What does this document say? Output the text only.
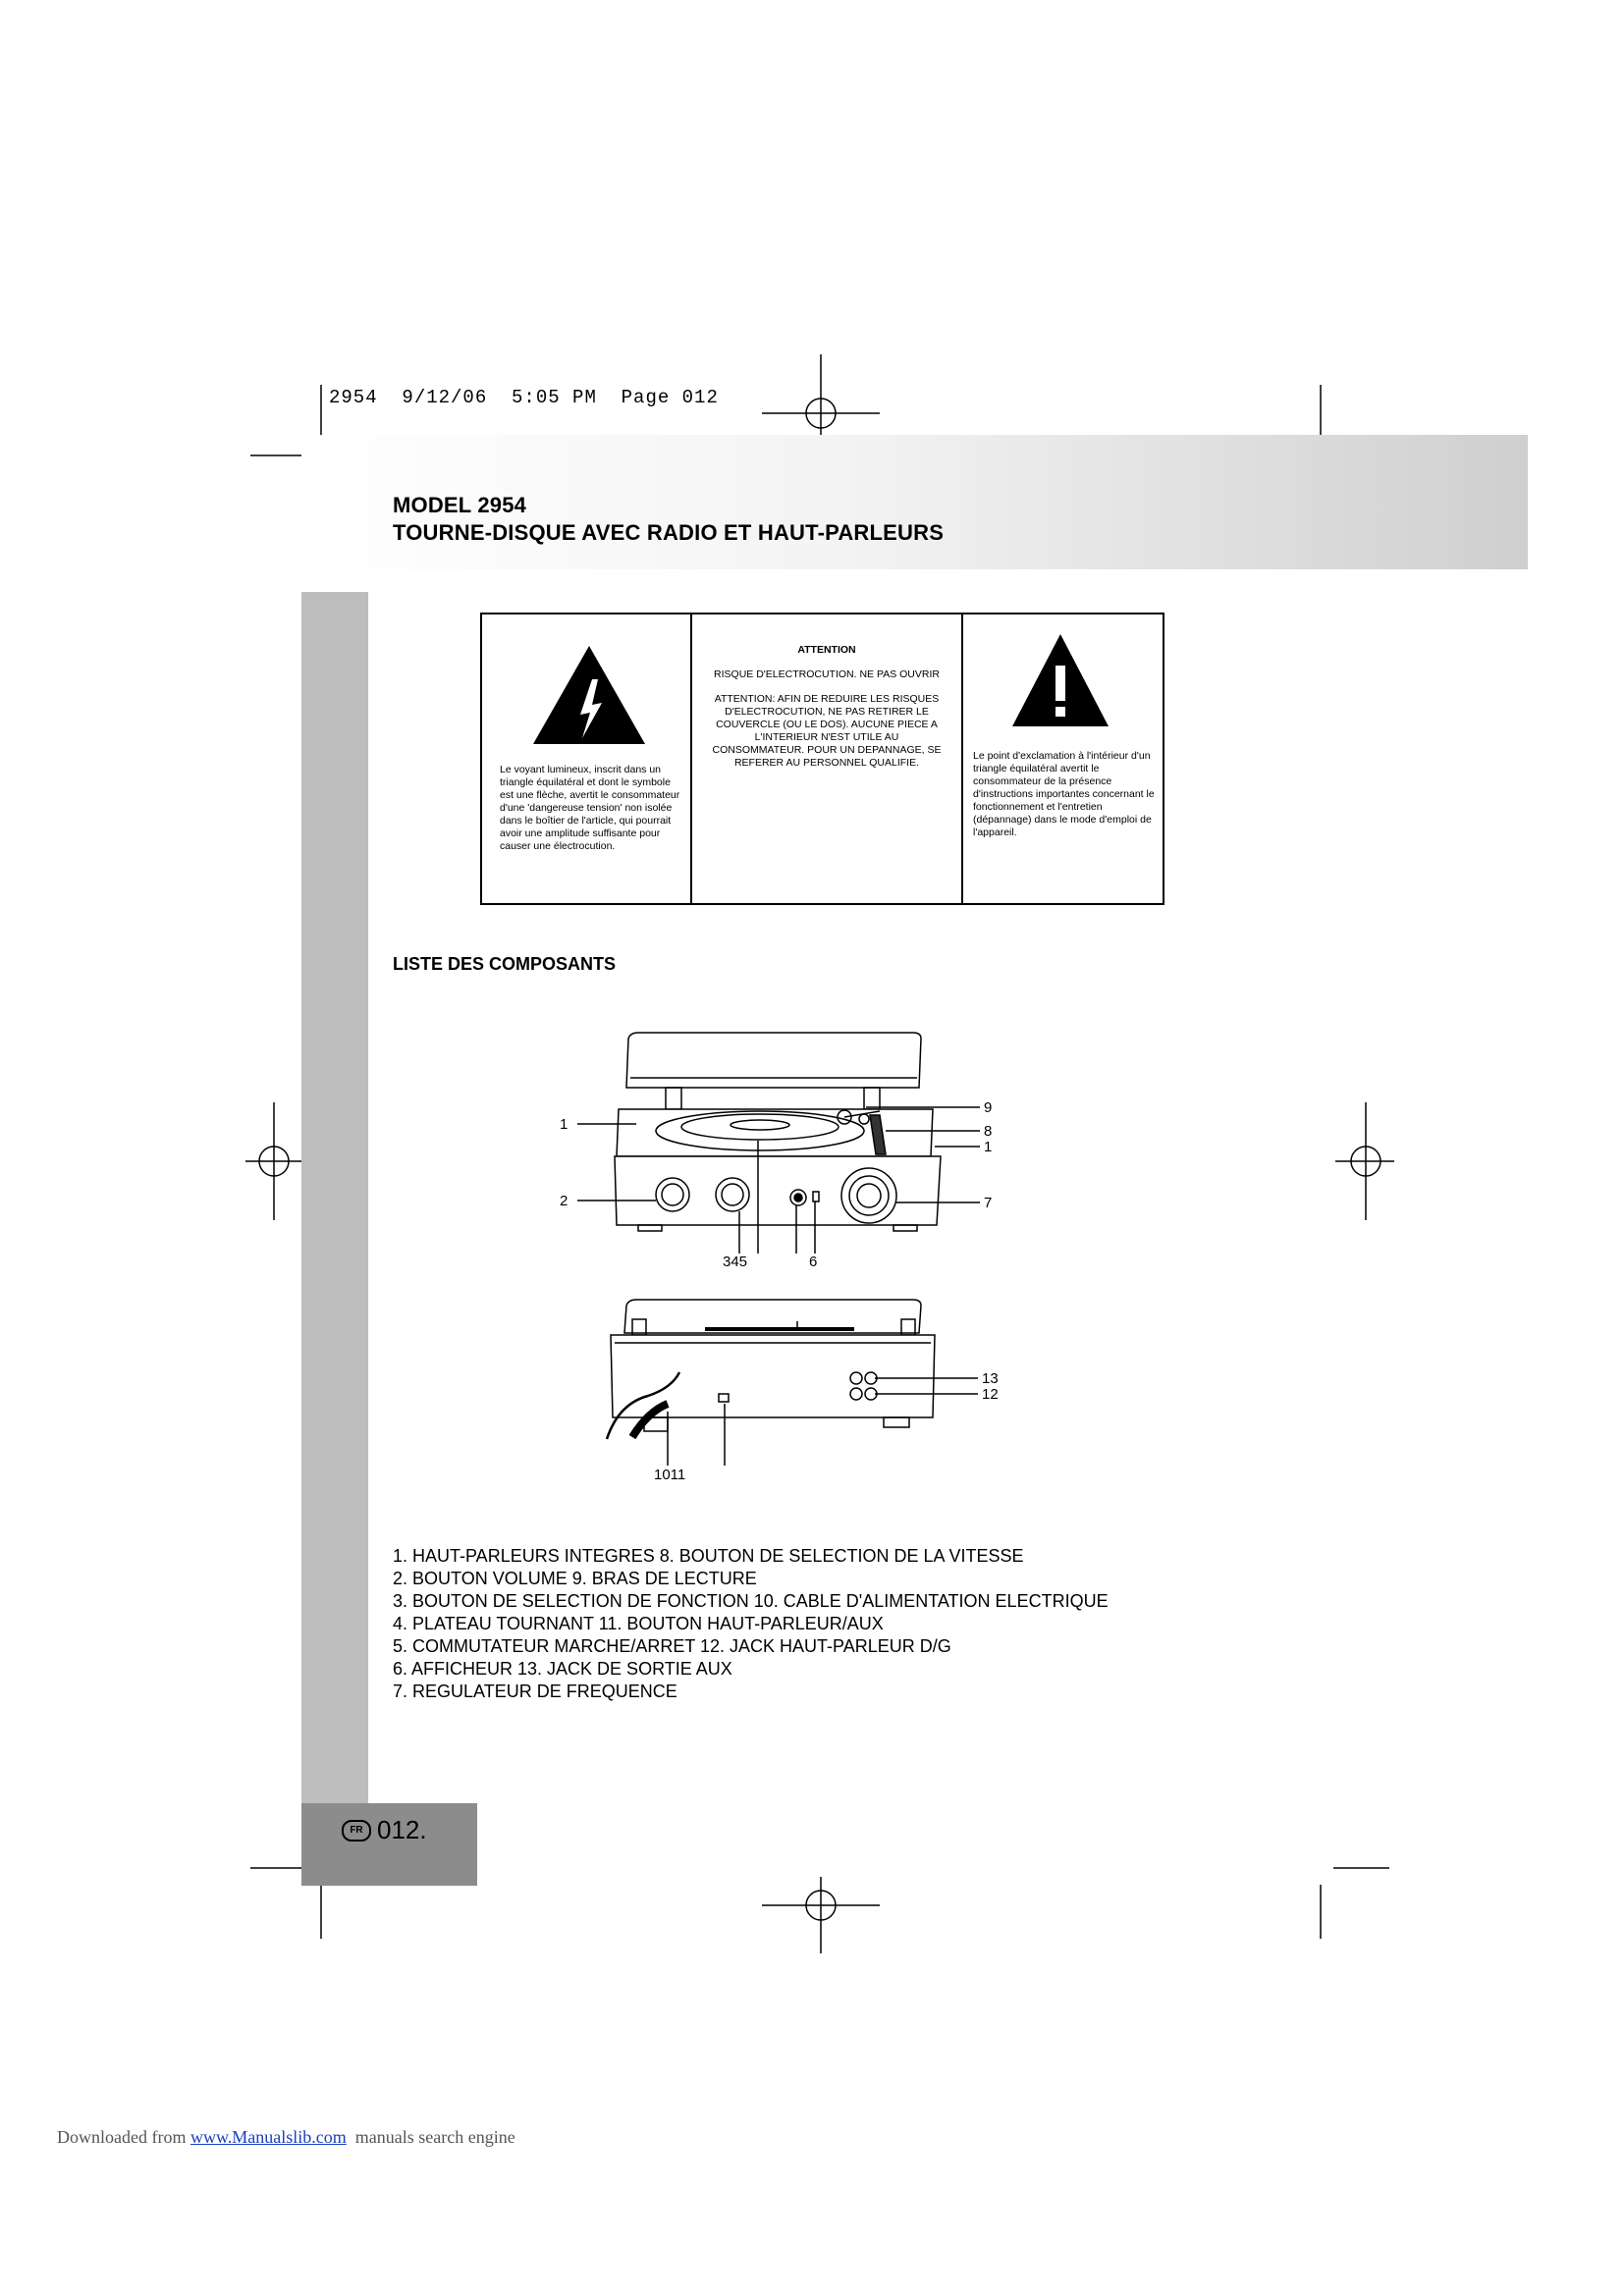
2954  9/12/06  5:05 PM  Page 012
MODEL 2954
TOURNE-DISQUE AVEC RADIO ET HAUT-PARLEURS
Le voyant lumineux, inscrit dans un triangle équilatéral et dont le symbole est une flèche, avertit le consommateur d'une 'dangereuse tension' non isolée dans le boîtier de l'article, qui pourrait avoir une amplitude suffisante pour causer une électrocution.
ATTENTION
RISQUE D'ELECTROCUTION. NE PAS OUVRIR
ATTENTION: AFIN DE REDUIRE LES RISQUES D'ELECTROCUTION, NE PAS RETIRER LE COUVERCLE (OU LE DOS). AUCUNE PIECE A L'INTERIEUR N'EST UTILE AU CONSOMMATEUR. POUR UN DEPANNAGE, SE REFERER AU PERSONNEL QUALIFIE.
Le point d'exclamation à l'intérieur d'un triangle équilatéral avertit le consommateur de la présence d'instructions importantes concernant le fonctionnement et l'entretien (dépannage) dans le mode d'emploi de l'appareil.
LISTE DES COMPOSANTS
1
2
345	6
7
1
8
9
13
12
1011
1. HAUT-PARLEURS INTEGRES 8. BOUTON DE SELECTION DE LA VITESSE
2. BOUTON VOLUME 9. BRAS DE LECTURE
3. BOUTON DE SELECTION DE FONCTION 10. CABLE D'ALIMENTATION ELECTRIQUE
4. PLATEAU TOURNANT 11. BOUTON HAUT-PARLEUR/AUX
5. COMMUTATEUR MARCHE/ARRET 12. JACK HAUT-PARLEUR D/G
6. AFFICHEUR 13. JACK DE SORTIE AUX
7. REGULATEUR DE FREQUENCE
FR 012.
Downloaded from www.Manualslib.com  manuals search engine
